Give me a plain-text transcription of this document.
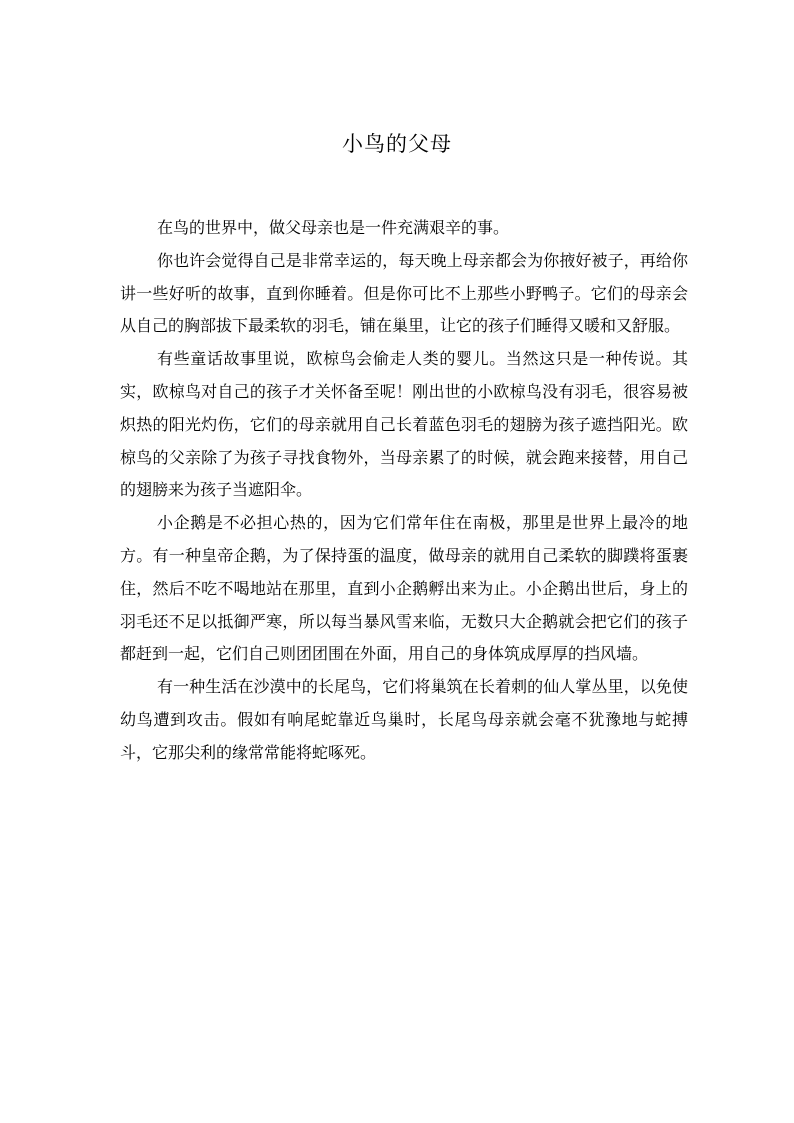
小鸟的父母

在鸟的世界中，做父母亲也是一件充满艰辛的事。

你也许会觉得自己是非常幸运的，每天晚上母亲都会为你掖好被子，再给你讲一些好听的故事，直到你睡着。但是你可比不上那些小野鸭子。它们的母亲会从自己的胸部拔下最柔软的羽毛，铺在巢里，让它的孩子们睡得又暖和又舒服。

有些童话故事里说，欧椋鸟会偷走人类的婴儿。当然这只是一种传说。其实，欧椋鸟对自己的孩子才关怀备至呢！刚出世的小欧椋鸟没有羽毛，很容易被炽热的阳光灼伤，它们的母亲就用自己长着蓝色羽毛的翅膀为孩子遮挡阳光。欧椋鸟的父亲除了为孩子寻找食物外，当母亲累了的时候，就会跑来接替，用自己的翅膀来为孩子当遮阳伞。

小企鹅是不必担心热的，因为它们常年住在南极，那里是世界上最冷的地方。有一种皇帝企鹅，为了保持蛋的温度，做母亲的就用自己柔软的脚蹼将蛋裹住，然后不吃不喝地站在那里，直到小企鹅孵出来为止。小企鹅出世后，身上的羽毛还不足以抵御严寒，所以每当暴风雪来临，无数只大企鹅就会把它们的孩子都赶到一起，它们自己则团团围在外面，用自己的身体筑成厚厚的挡风墙。

有一种生活在沙漠中的长尾鸟，它们将巢筑在长着刺的仙人掌丛里，以免使幼鸟遭到攻击。假如有响尾蛇靠近鸟巢时，长尾鸟母亲就会毫不犹豫地与蛇搏斗，它那尖利的缘常常能将蛇啄死。
